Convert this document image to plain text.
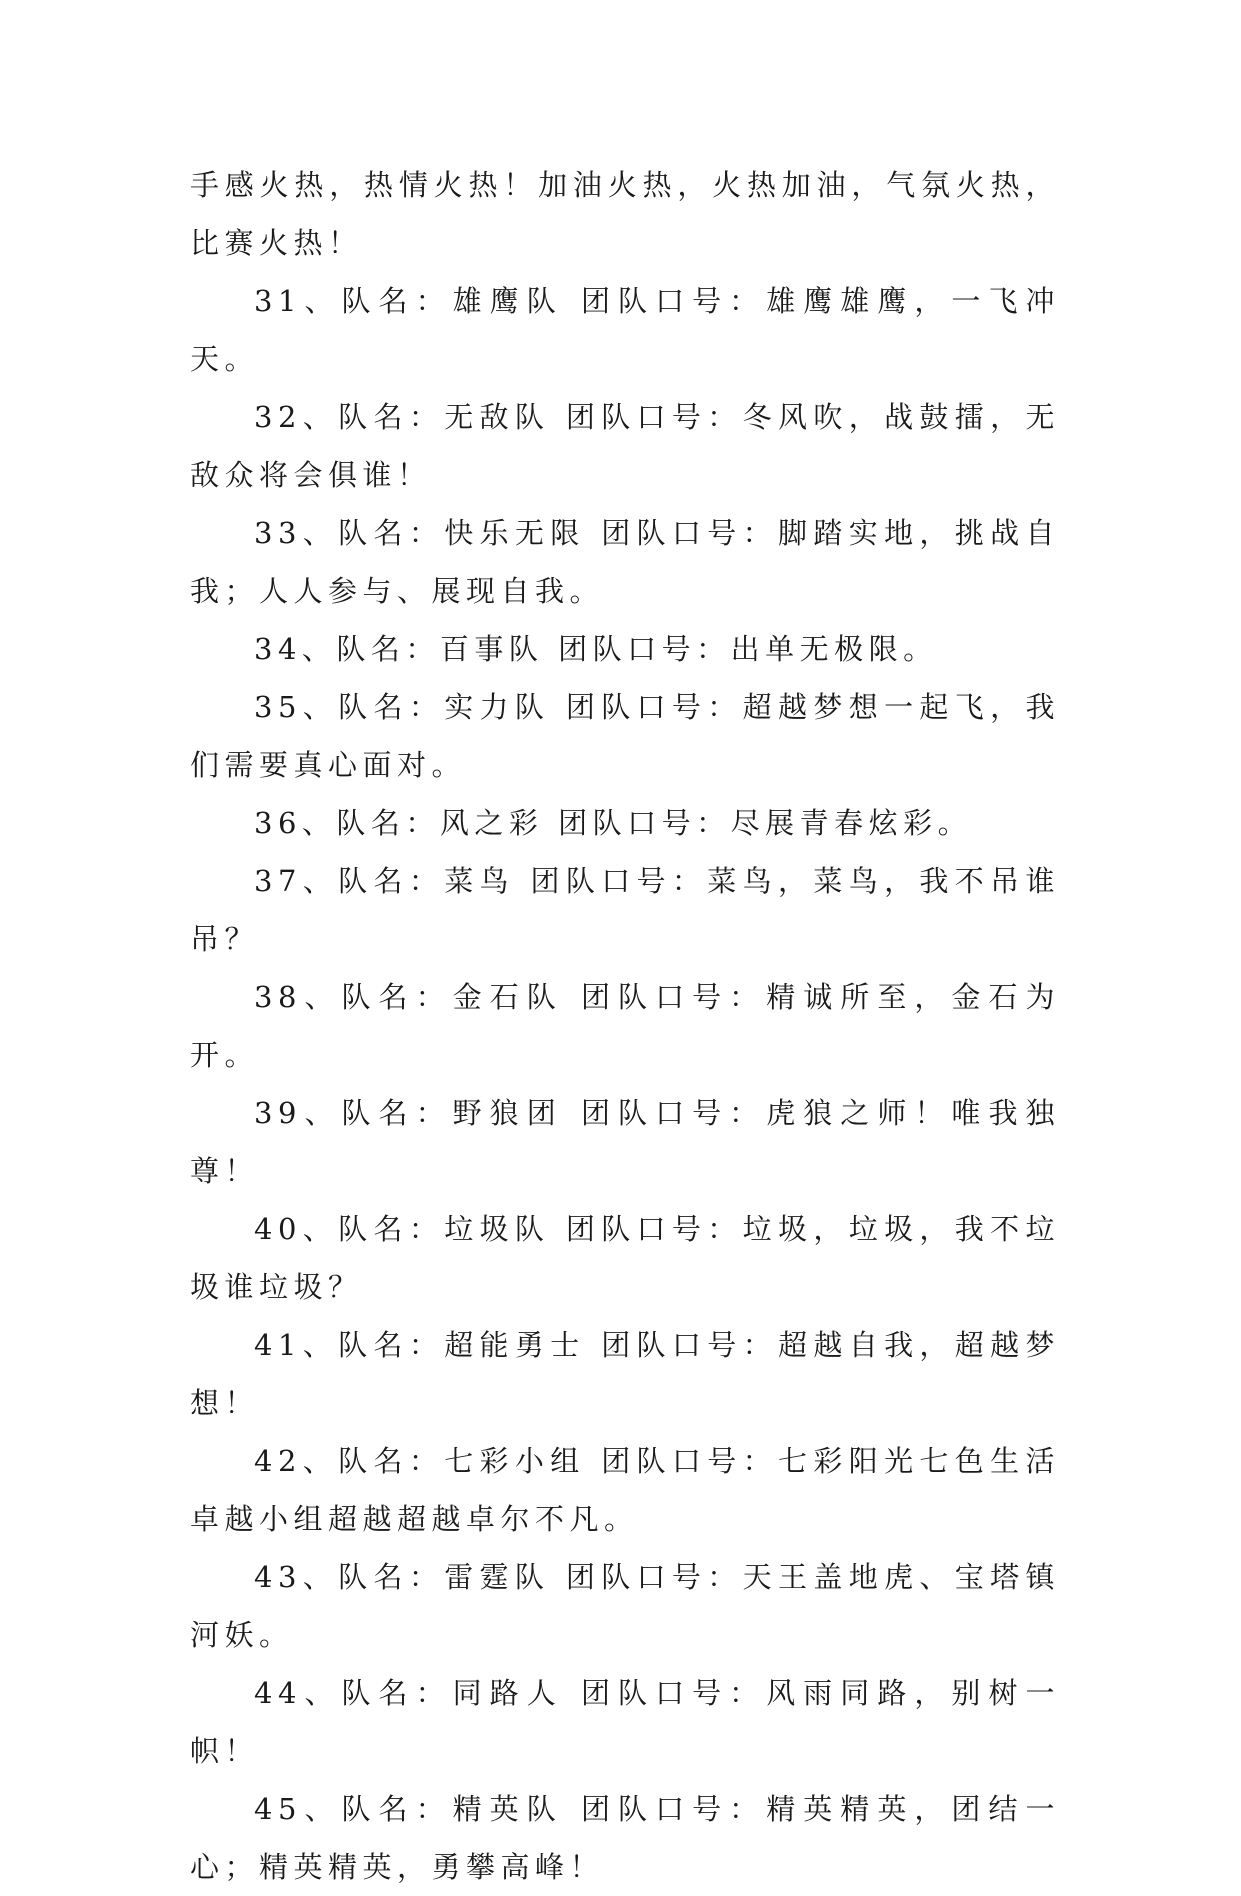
手感火热，热情火热！加油火热，火热加油，气氛火热，比赛火热！

31、队名：雄鹰队 团队口号：雄鹰雄鹰，一飞冲天。

32、队名：无敌队 团队口号：冬风吹，战鼓擂，无敌众将会俱谁！

33、队名：快乐无限 团队口号：脚踏实地，挑战自我；人人参与、展现自我。

34、队名：百事队 团队口号：出单无极限。

35、队名：实力队 团队口号：超越梦想一起飞，我们需要真心面对。

36、队名：风之彩 团队口号：尽展青春炫彩。

37、队名：菜鸟 团队口号：菜鸟，菜鸟，我不吊谁吊？

38、队名：金石队 团队口号：精诚所至，金石为开。

39、队名：野狼团 团队口号：虎狼之师！唯我独尊！

40、队名：垃圾队 团队口号：垃圾，垃圾，我不垃圾谁垃圾？

41、队名：超能勇士 团队口号：超越自我，超越梦想！

42、队名：七彩小组 团队口号：七彩阳光七色生活卓越小组超越超越卓尔不凡。

43、队名：雷霆队 团队口号：天王盖地虎、宝塔镇河妖。

44、队名：同路人 团队口号：风雨同路，别树一帜！

45、队名：精英队 团队口号：精英精英，团结一心；精英精英，勇攀高峰！
